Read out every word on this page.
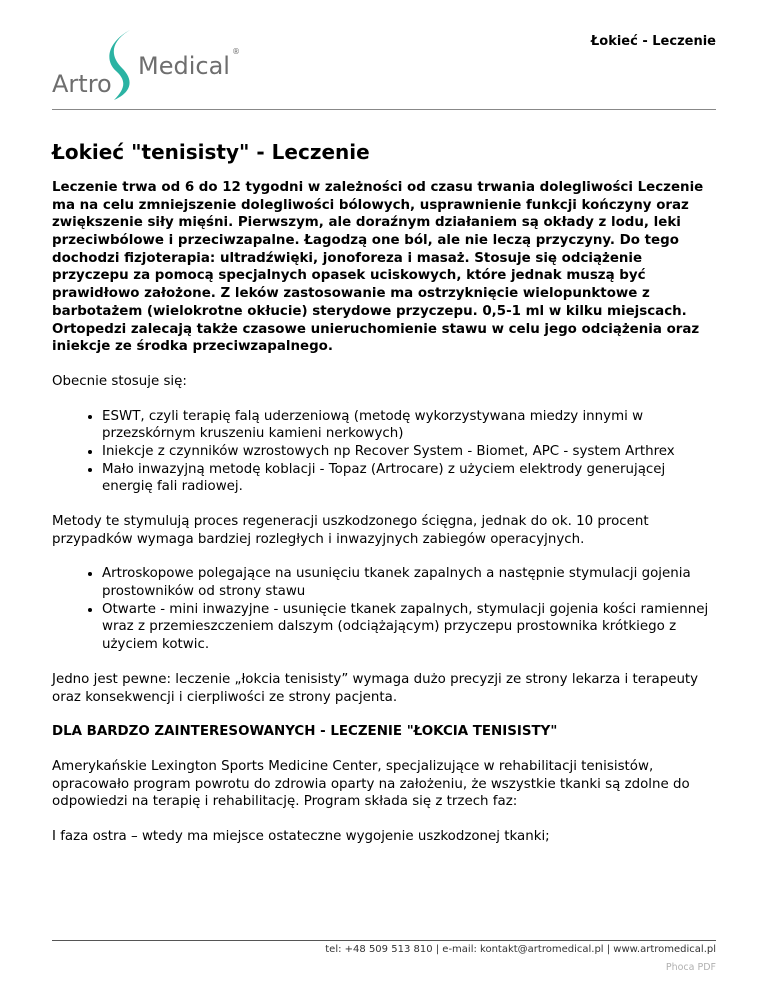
Artro
Medical
®
Łokieć - Leczenie
Łokieć "tenisisty" - Leczenie

Leczenie trwa od 6 do 12 tygodni w zależności od czasu trwania dolegliwości Leczenie ma na celu zmniejszenie dolegliwości bólowych, usprawnienie funkcji kończyny oraz zwiększenie siły mięśni. Pierwszym, ale doraźnym działaniem są okłady z lodu, leki przeciwbólowe i przeciwzapalne. Łagodzą one ból, ale nie leczą przyczyny. Do tego dochodzi fizjoterapia: ultradźwięki, jonoforeza i masaż. Stosuje się odciążenie przyczepu za pomocą specjalnych opasek uciskowych, które jednak muszą być prawidłowo założone. Z leków zastosowanie ma ostrzyknięcie wielopunktowe z barbotażem (wielokrotne okłucie) sterydowe przyczepu. 0,5-1 ml w kilku miejscach. Ortopedzi zalecają także czasowe unieruchomienie stawu w celu jego odciążenia oraz iniekcje ze środka przeciwzapalnego.

Obecnie stosuje się:

• ESWT, czyli terapię falą uderzeniową (metodę wykorzystywana miedzy innymi w przezskórnym kruszeniu kamieni nerkowych)
• Iniekcje z czynników wzrostowych np Recover System - Biomet, APC - system Arthrex
• Mało inwazyjną metodę koblacji - Topaz (Artrocare) z użyciem elektrody generującej energię fali radiowej.

Metody te stymulują proces regeneracji uszkodzonego ścięgna, jednak do ok. 10 procent przypadków wymaga bardziej rozległych i inwazyjnych zabiegów operacyjnych.

• Artroskopowe polegające na usunięciu tkanek zapalnych a następnie stymulacji gojenia prostowników od strony stawu
• Otwarte - mini inwazyjne - usunięcie tkanek zapalnych, stymulacji gojenia kości ramiennej wraz z przemieszczeniem dalszym (odciążającym) przyczepu prostownika krótkiego z użyciem kotwic.

Jedno jest pewne: leczenie „łokcia tenisisty” wymaga dużo precyzji ze strony lekarza i terapeuty oraz konsekwencji i cierpliwości ze strony pacjenta.

DLA BARDZO ZAINTERESOWANYCH - LECZENIE "ŁOKCIA TENISISTY"

Amerykańskie Lexington Sports Medicine Center, specjalizujące w rehabilitacji tenisistów, opracowało program powrotu do zdrowia oparty na założeniu, że wszystkie tkanki są zdolne do odpowiedzi na terapię i rehabilitację. Program składa się z trzech faz:

I faza ostra – wtedy ma miejsce ostateczne wygojenie uszkodzonej tkanki;

tel: +48 509 513 810 | e-mail: kontakt@artromedical.pl | www.artromedical.pl
Phoca PDF
